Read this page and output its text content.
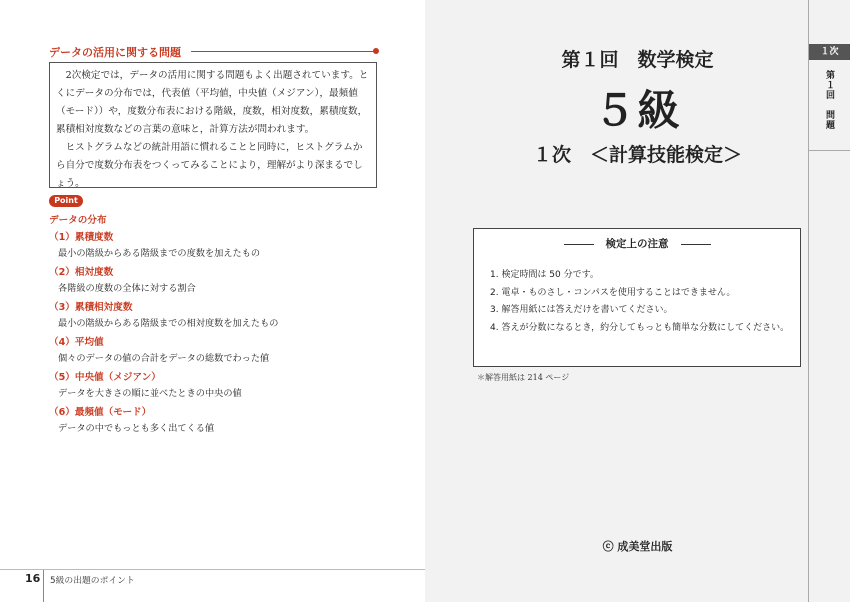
データの活用に関する問題

2次検定では，データの活用に関する問題もよく出題されています。とくにデータの分布では，代表値（平均値，中央値（メジアン），最頻値（モード））や，度数分布表における階級，度数，相対度数，累積度数，累積相対度数などの言葉の意味と，計算方法が問われます。

ヒストグラムなどの統計用語に慣れることと同時に，ヒストグラムから自分で度数分布表をつくってみることにより，理解がより深まるでしょう。

Point
データの分布
（1）累積度数
最小の階級からある階級までの度数を加えたもの
（2）相対度数
各階級の度数の全体に対する割合
（3）累積相対度数
最小の階級からある階級までの相対度数を加えたもの
（4）平均値
個々のデータの値の合計をデータの総数でわった値
（5）中央値（メジアン）
データを大きさの順に並べたときの中央の値
（6）最頻値（モード）
データの中でもっとも多く出てくる値
16 5級の出題のポイント
第１回　数学検定
５級
１次　＜計算技能検定＞
検定上の注意
1. 検定時間は 50 分です。
2. 電卓・ものさし・コンパスを使用することはできません。
3. 解答用紙には答えだけを書いてください。
4. 答えが分数になるとき，約分してもっとも簡単な分数にしてください。
＊解答用紙は 214 ページ
ⓒ 成美堂出版
１次
第１回　問題
